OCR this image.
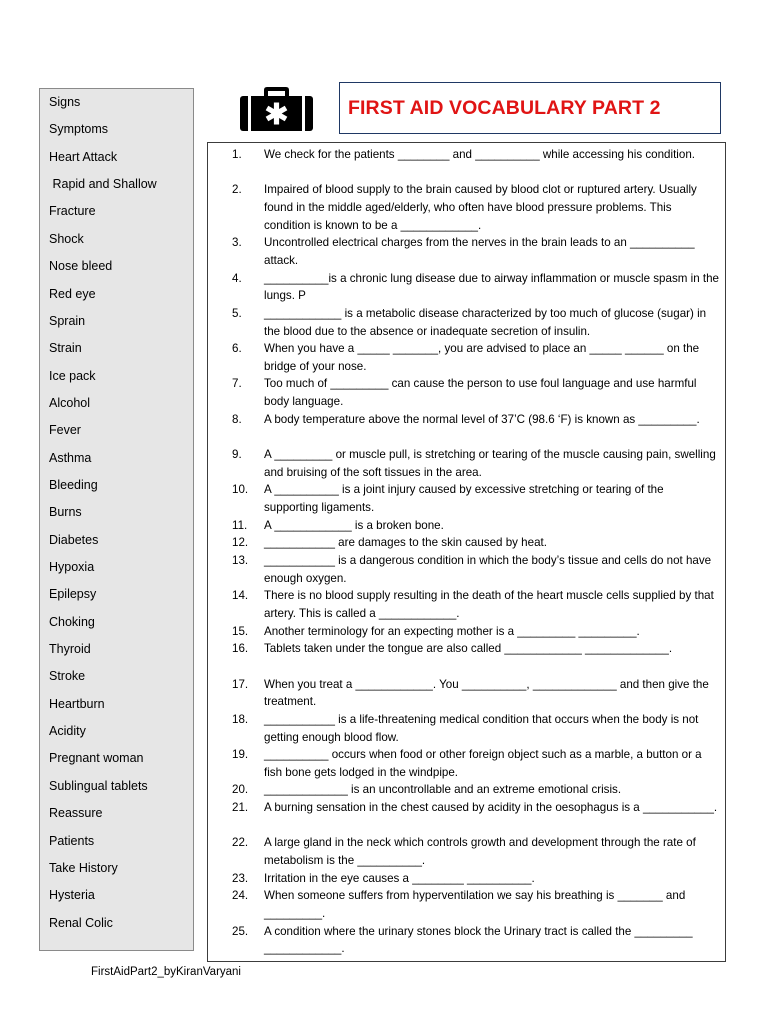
Signs
Symptoms
Heart Attack
Rapid and Shallow
Fracture
Shock
Nose bleed
Red eye
Sprain
Strain
Ice pack
Alcohol
Fever
Asthma
Bleeding
Burns
Diabetes
Hypoxia
Epilepsy
Choking
Thyroid
Stroke
Heartburn
Acidity
Pregnant woman
Sublingual tablets
Reassure
Patients
Take History
Hysteria
Renal Colic
FIRST AID VOCABULARY PART 2
1.	We check for the patients ________ and __________ while accessing his condition.
2.	Impaired of blood supply to the brain caused by blood clot or ruptured artery. Usually found in the middle aged/elderly, who often have blood pressure problems. This condition is known to be a ____________.
3.	Uncontrolled electrical charges from the nerves in the brain leads to an __________ attack.
4.	__________is a chronic lung disease due to airway inflammation or muscle spasm in the lungs. P
5.	____________ is a metabolic disease characterized by too much of glucose (sugar) in the blood due to the absence or inadequate secretion of insulin.
6.	When you have a _____ _______, you are advised to place an _____ ______ on the bridge of your nose.
7.	Too much of _________ can cause the person to use foul language and use harmful body language.
8.	A body temperature above the normal level of 37’C (98.6 ‘F) is known as _________.
9.	A _________ or muscle pull, is stretching or tearing of the muscle causing pain, swelling and bruising of the soft tissues in the area.
10.	A __________ is a joint injury caused by excessive stretching or tearing of the supporting ligaments.
11.	A ____________ is a broken bone.
12.	___________ are damages to the skin caused by heat.
13.	___________ is a dangerous condition in which the body’s tissue and cells do not have enough oxygen.
14.	There is no blood supply resulting in the death of the heart muscle cells supplied by that artery. This is called a ____________.
15.	Another terminology for an expecting mother is a _________ _________.
16.	Tablets taken under the tongue are also called ____________ _____________.
17.	When you treat a ____________. You __________, _____________ and then give the treatment.
18.	___________ is a life-threatening medical condition that occurs when the body is not getting enough blood flow.
19.	__________ occurs when food or other foreign object such as a marble, a button or a fish bone gets lodged in the windpipe.
20.	_____________ is an uncontrollable and an extreme emotional crisis.
21.	A burning sensation in the chest caused by acidity in the oesophagus is a ___________.
22.	A large gland in the neck which controls growth and development through the rate of metabolism is the __________.
23.	Irritation in the eye causes a ________ __________.
24.	When someone suffers from hyperventilation we say his breathing is _______ and _________.
25.	A condition where the urinary stones block the Urinary tract is called the _________ ____________.
FirstAidPart2_byKiranVaryani
